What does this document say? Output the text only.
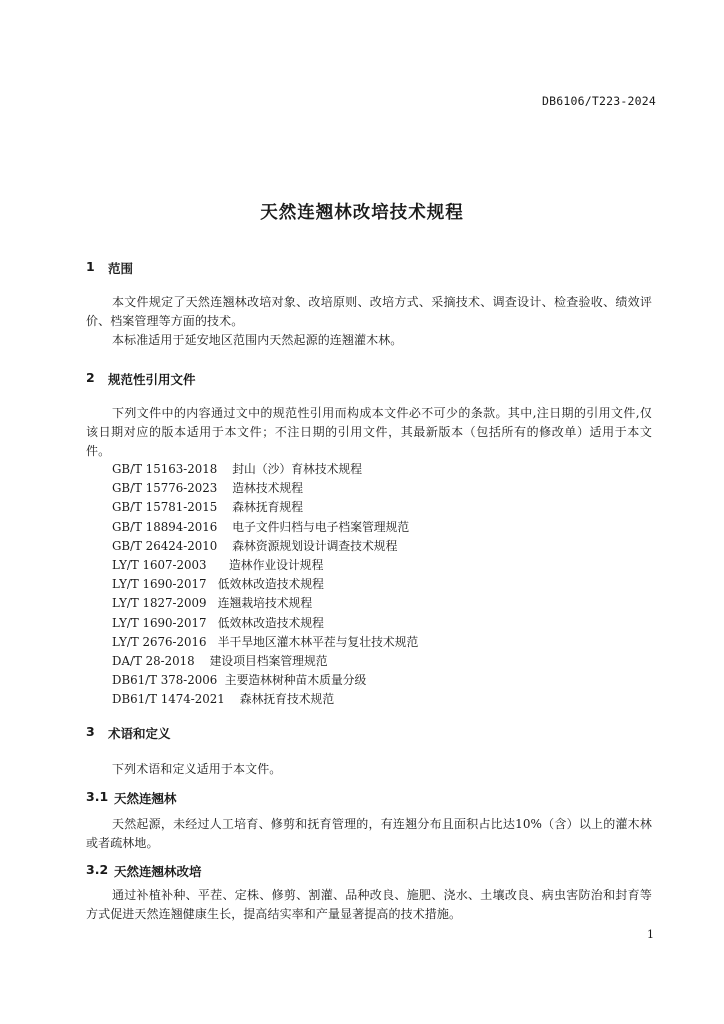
DB6106/T223-2024
天然连翘林改培技术规程
1	范围
本文件规定了天然连翘林改培对象、改培原则、改培方式、采摘技术、调查设计、检查验收、绩效评价、档案管理等方面的技术。
本标准适用于延安地区范围内天然起源的连翘灌木林。
2	规范性引用文件
下列文件中的内容通过文中的规范性引用而构成本文件必不可少的条款。其中,注日期的引用文件,仅该日期对应的版本适用于本文件；不注日期的引用文件，其最新版本（包括所有的修改单）适用于本文件。
GB/T 15163-2018 封山（沙）育林技术规程
GB/T 15776-2023 造林技术规程
GB/T 15781-2015 森林抚育规程
GB/T 18894-2016 电子文件归档与电子档案管理规范
GB/T 26424-2010 森林资源规划设计调查技术规程
LY/T 1607-2003 造林作业设计规程
LY/T 1690-2017 低效林改造技术规程
LY/T 1827-2009 连翘栽培技术规程
LY/T 1690-2017 低效林改造技术规程
LY/T 2676-2016 半干旱地区灌木林平茬与复壮技术规范
DA/T 28-2018 建设项目档案管理规范
DB61/T 378-2006 主要造林树种苗木质量分级
DB61/T 1474-2021 森林抚育技术规范
3	术语和定义
下列术语和定义适用于本文件。
3.1 天然连翘林
天然起源，未经过人工培育、修剪和抚育管理的，有连翘分布且面积占比达10%（含）以上的灌木林或者疏林地。
3.2 天然连翘林改培
通过补植补种、平茬、定株、修剪、割灌、品种改良、施肥、浇水、土壤改良、病虫害防治和封育等方式促进天然连翘健康生长，提高结实率和产量显著提高的技术措施。
1
